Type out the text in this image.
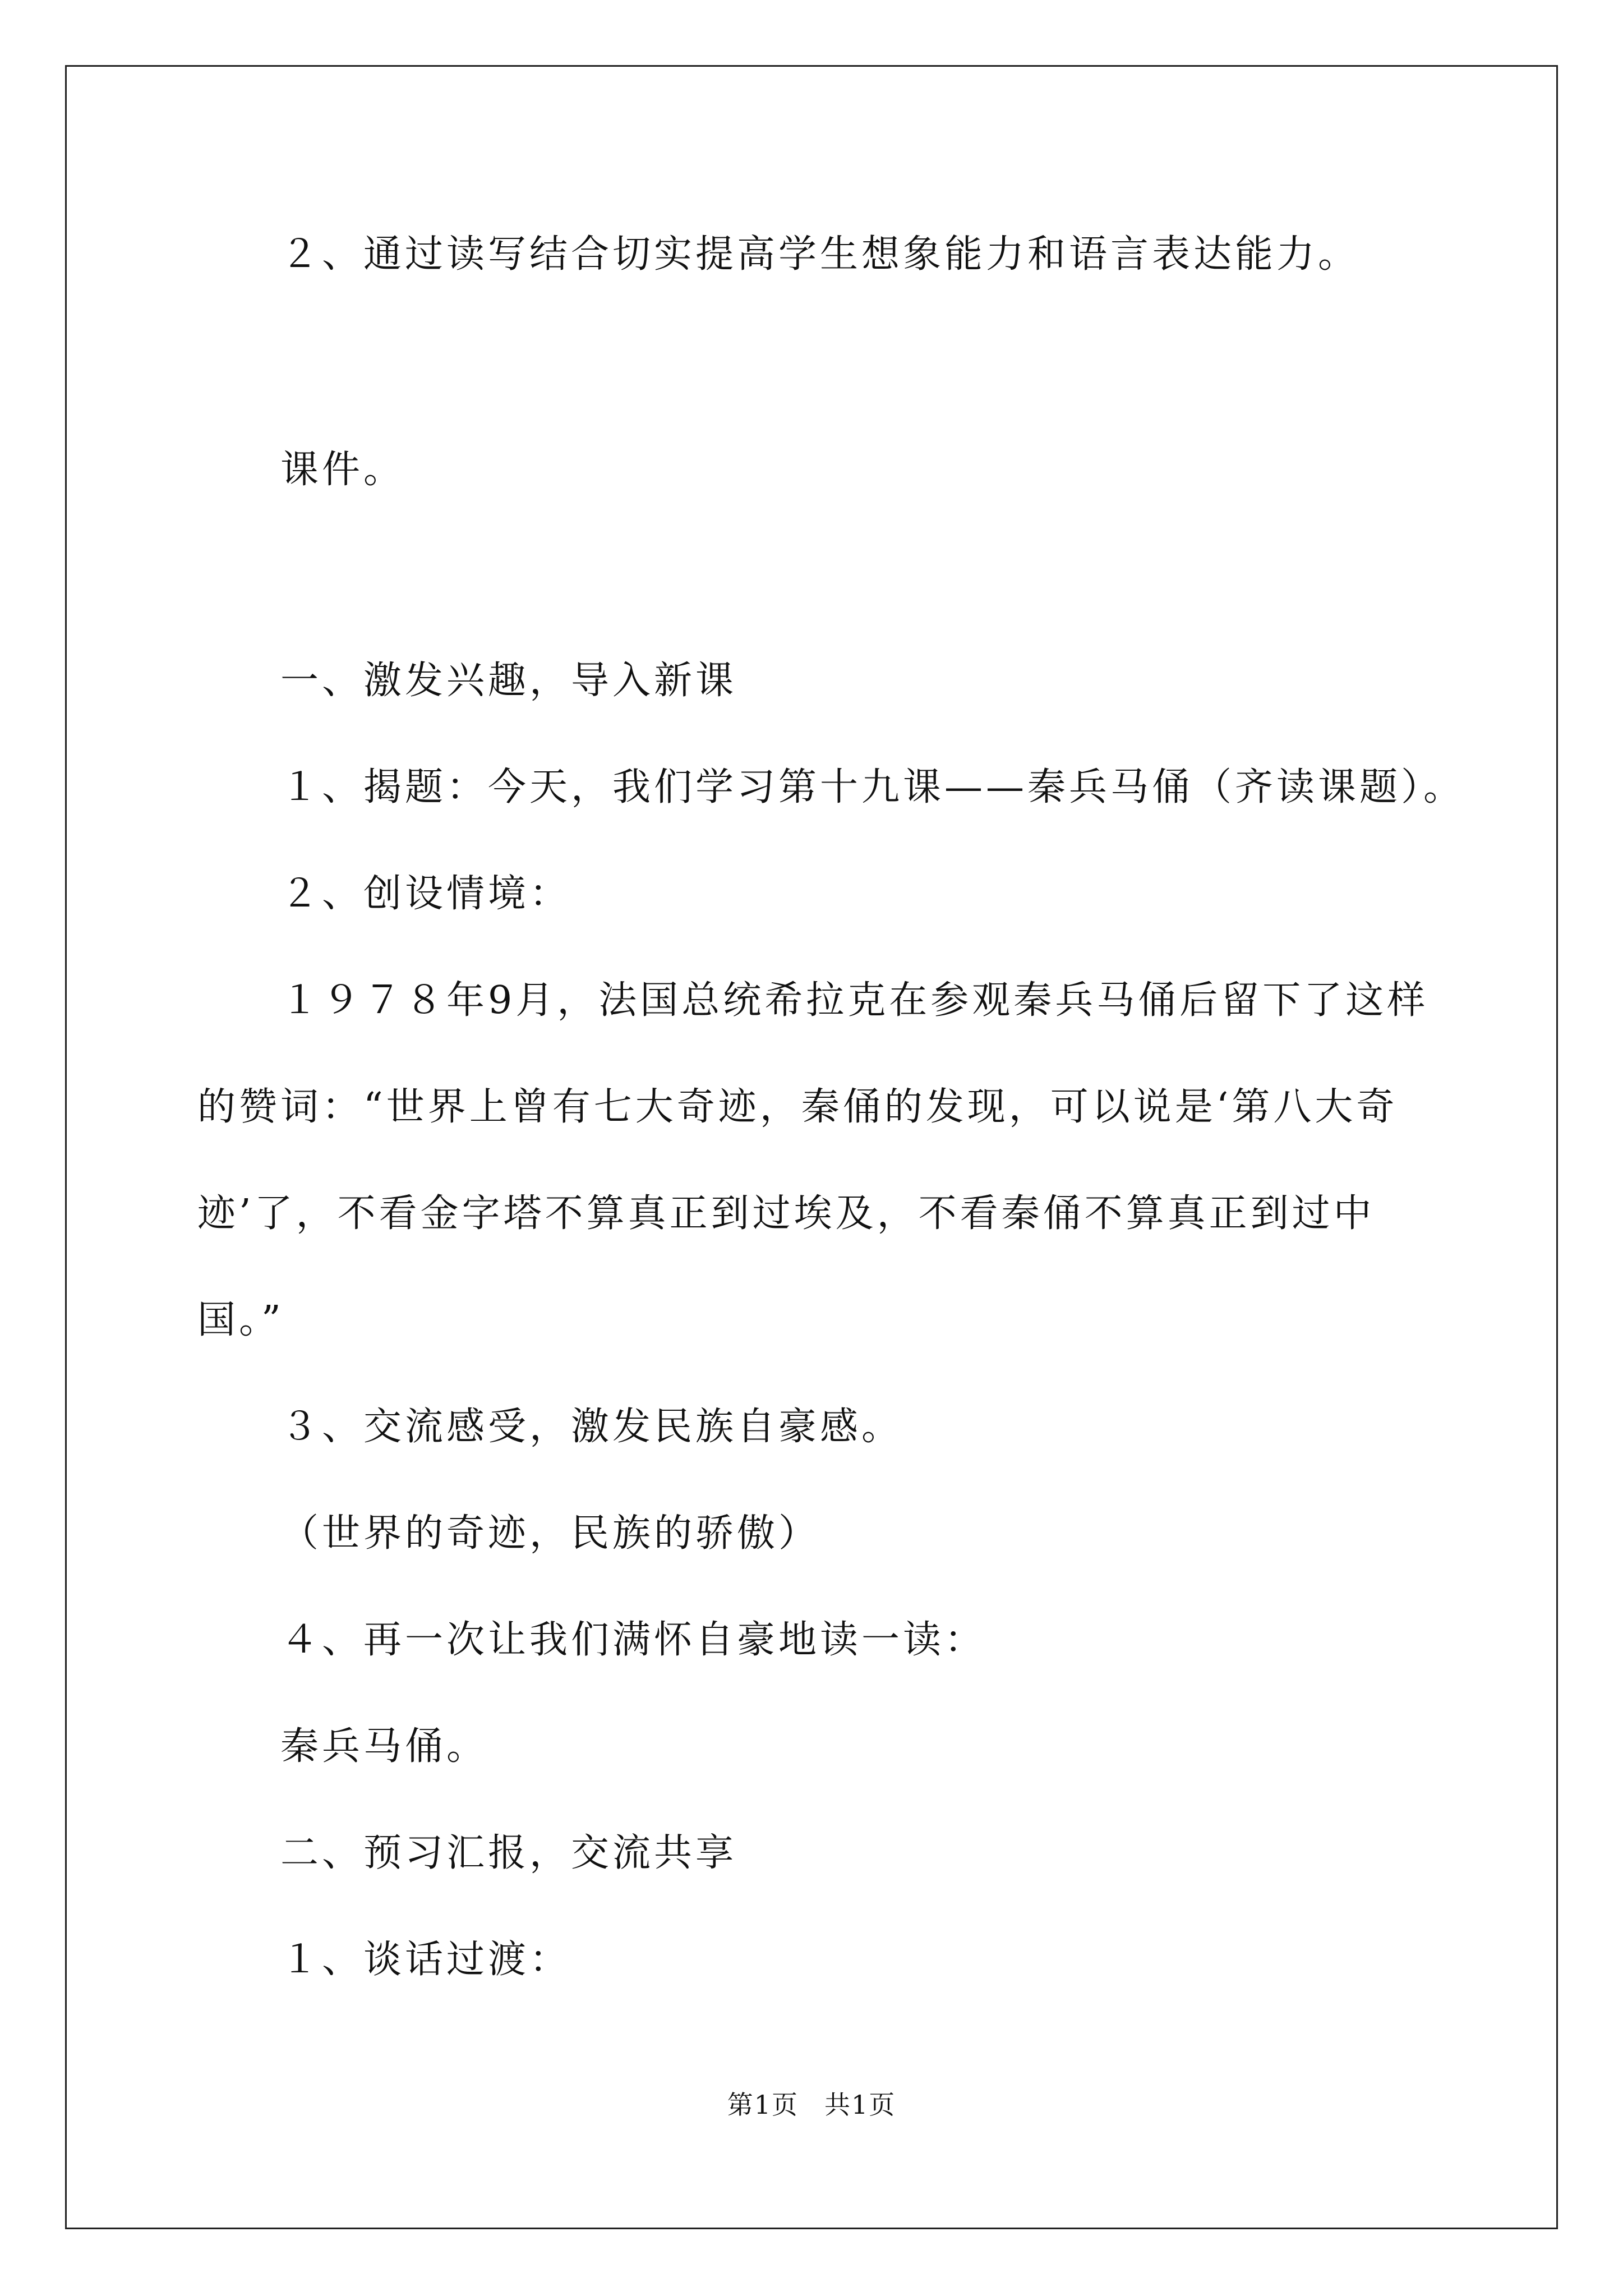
２、通过读写结合切实提高学生想象能力和语言表达能力。
课件。
一、激发兴趣，导入新课
１、揭题：今天，我们学习第十九课——秦兵马俑（齐读课题）。
２、创设情境：
１９７８年9月，法国总统希拉克在参观秦兵马俑后留下了这样
的赞词：“世界上曾有七大奇迹，秦俑的发现，可以说是‘第八大奇
迹’了，不看金字塔不算真正到过埃及，不看秦俑不算真正到过中
国。”
３、交流感受，激发民族自豪感。
（世界的奇迹，民族的骄傲）
４、再一次让我们满怀自豪地读一读：
秦兵马俑。
二、预习汇报，交流共享
１、谈话过渡：
第1页 共1页
